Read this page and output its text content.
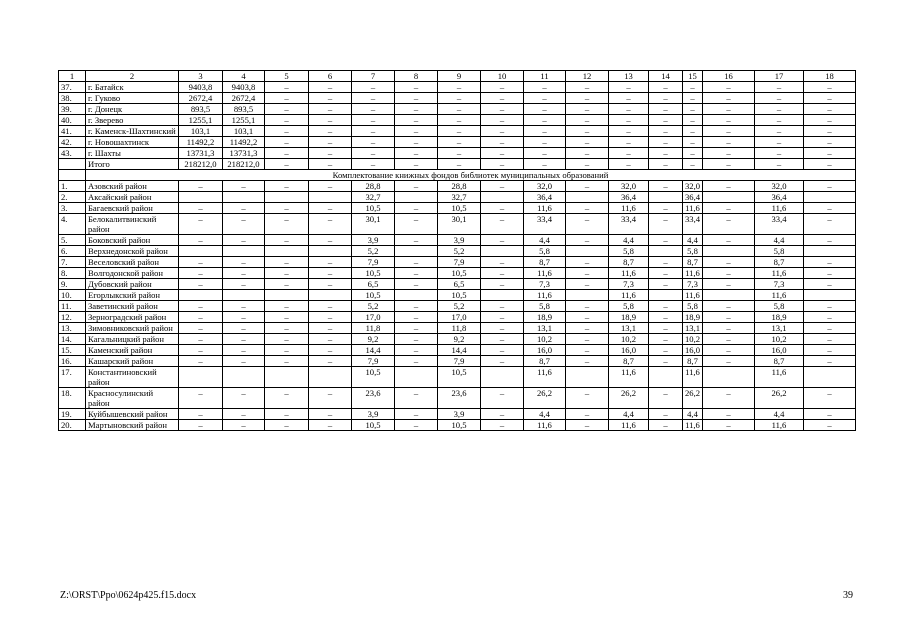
1	2	3	4	5	6	7	8	9	10	11	12	13	14	15	16	17	18
37.	г. Батайск	9403,8	9403,8	–	–	–	–	–	–	–	–	–	–	–	–	–	–
38.	г. Гуково	2672,4	2672,4	–	–	–	–	–	–	–	–	–	–	–	–	–	–
39.	г. Донецк	893,5	893,5	–	–	–	–	–	–	–	–	–	–	–	–	–	–
40.	г. Зверево	1255,1	1255,1	–	–	–	–	–	–	–	–	–	–	–	–	–	–
41.	г. Каменск-Шахтинский	103,1	103,1	–	–	–	–	–	–	–	–	–	–	–	–	–	–
42.	г. Новошахтинск	11492,2	11492,2	–	–	–	–	–	–	–	–	–	–	–	–	–	–
43.	г. Шахты	13731,3	13731,3	–	–	–	–	–	–	–	–	–	–	–	–	–	–
	Итого	218212,0	218212,0	–	–	–	–	–	–	–	–	–	–	–	–	–	–
	Комплектование книжных фондов библиотек муниципальных образований																
1.	Азовский район	–	–	–	–	28,8	–	28,8	–	32,0	–	32,0	–	32,0	–	32,0	–
2.	Аксайский район					32,7		32,7		36,4		36,4		36,4		36,4	
3.	Багаевский район	–	–	–	–	10,5	–	10,5	–	11,6	–	11,6	–	11,6	–	11,6	–
4.	Белокалитвинский район	–	–	–	–	30,1	–	30,1	–	33,4	–	33,4	–	33,4	–	33,4	–
5.	Боковский район	–	–	–	–	3,9	–	3,9	–	4,4	–	4,4	–	4,4	–	4,4	–
6.	Верхнедонской район					5,2		5,2		5,8		5,8		5,8		5,8	
7.	Веселовский район	–	–	–	–	7,9	–	7,9	–	8,7	–	8,7	–	8,7	–	8,7	–
8.	Волгодонской район	–	–	–	–	10,5	–	10,5	–	11,6	–	11,6	–	11,6	–	11,6	–
9.	Дубовский район	–	–	–	–	6,5	–	6,5	–	7,3	–	7,3	–	7,3	–	7,3	–
10.	Егорлыкский район					10,5		10,5		11,6		11,6		11,6		11,6	
11.	Заветинский район	–	–	–	–	5,2	–	5,2	–	5,8	–	5,8	–	5,8	–	5,8	–
12.	Зерноградский район	–	–	–	–	17,0	–	17,0	–	18,9	–	18,9	–	18,9	–	18,9	–
13.	Зимовниковский район	–	–	–	–	11,8	–	11,8	–	13,1	–	13,1	–	13,1	–	13,1	–
14.	Кагальницкий район	–	–	–	–	9,2	–	9,2	–	10,2	–	10,2	–	10,2	–	10,2	–
15.	Каменский район	–	–	–	–	14,4	–	14,4	–	16,0	–	16,0	–	16,0	–	16,0	–
16.	Кашарский район	–	–	–	–	7,9	–	7,9	–	8,7	–	8,7	–	8,7	–	8,7	–
17.	Константиновский район					10,5		10,5		11,6		11,6		11,6		11,6	
18.	Красносулинский район	–	–	–	–	23,6	–	23,6	–	26,2	–	26,2	–	26,2	–	26,2	–
19.	Куйбышевский район	–	–	–	–	3,9	–	3,9	–	4,4	–	4,4	–	4,4	–	4,4	–
20.	Мартыновский район	–	–	–	–	10,5	–	10,5	–	11,6	–	11,6	–	11,6	–	11,6	–
Z:\ORST\Ppo\0624p425.f15.docx	39
